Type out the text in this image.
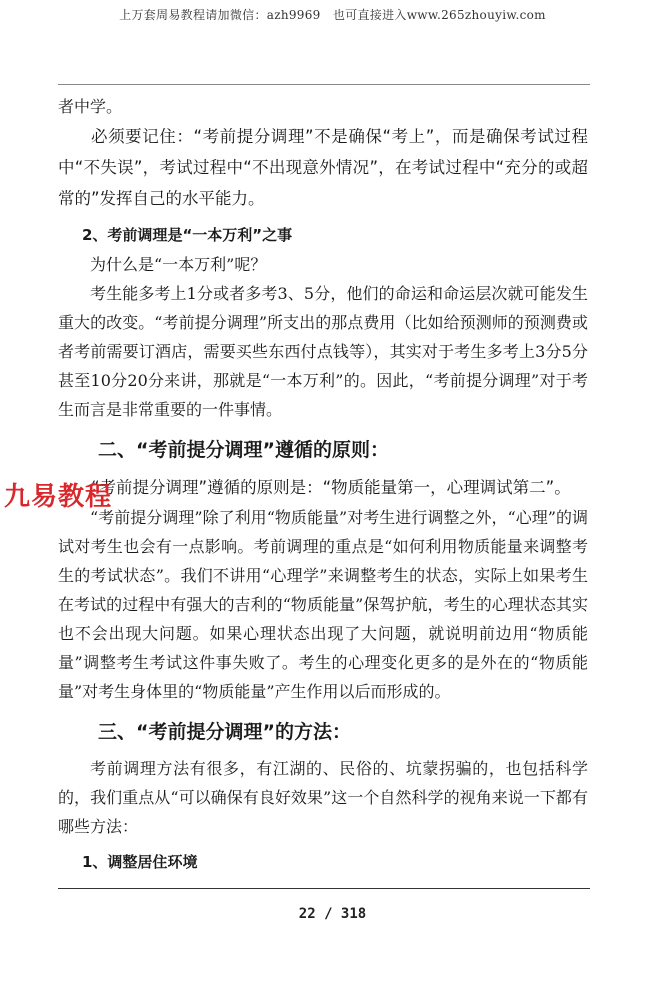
上万套周易教程请加微信：azh9969　也可直接进入www.265zhouyiw.com

者中学。

必须要记住：“考前提分调理”不是确保“考上”，而是确保考试过程中“不失误”，考试过程中“不出现意外情况”，在考试过程中“充分的或超常的”发挥自己的水平能力。

2、考前调理是“一本万利”之事

为什么是“一本万利”呢？

考生能多考上1分或者多考3、5分，他们的命运和命运层次就可能发生重大的改变。“考前提分调理”所支出的那点费用（比如给预测师的预测费或者考前需要订酒店，需要买些东西付点钱等），其实对于考生多考上3分5分甚至10分20分来讲，那就是“一本万利”的。因此，“考前提分调理”对于考生而言是非常重要的一件事情。

二、“考前提分调理”遵循的原则：

“考前提分调理”遵循的原则是：“物质能量第一，心理调试第二”。

“考前提分调理”除了利用“物质能量”对考生进行调整之外，“心理”的调试对考生也会有一点影响。考前调理的重点是“如何利用物质能量来调整考生的考试状态”。我们不讲用“心理学”来调整考生的状态，实际上如果考生在考试的过程中有强大的吉利的“物质能量”保驾护航，考生的心理状态其实也不会出现大问题。如果心理状态出现了大问题，就说明前边用“物质能量”调整考生考试这件事失败了。考生的心理变化更多的是外在的“物质能量”对考生身体里的“物质能量”产生作用以后而形成的。

三、“考前提分调理”的方法：

考前调理方法有很多，有江湖的、民俗的、坑蒙拐骗的，也包括科学的，我们重点从“可以确保有良好效果”这一个自然科学的视角来说一下都有哪些方法：

1、调整居住环境
九易教程
22 / 318
